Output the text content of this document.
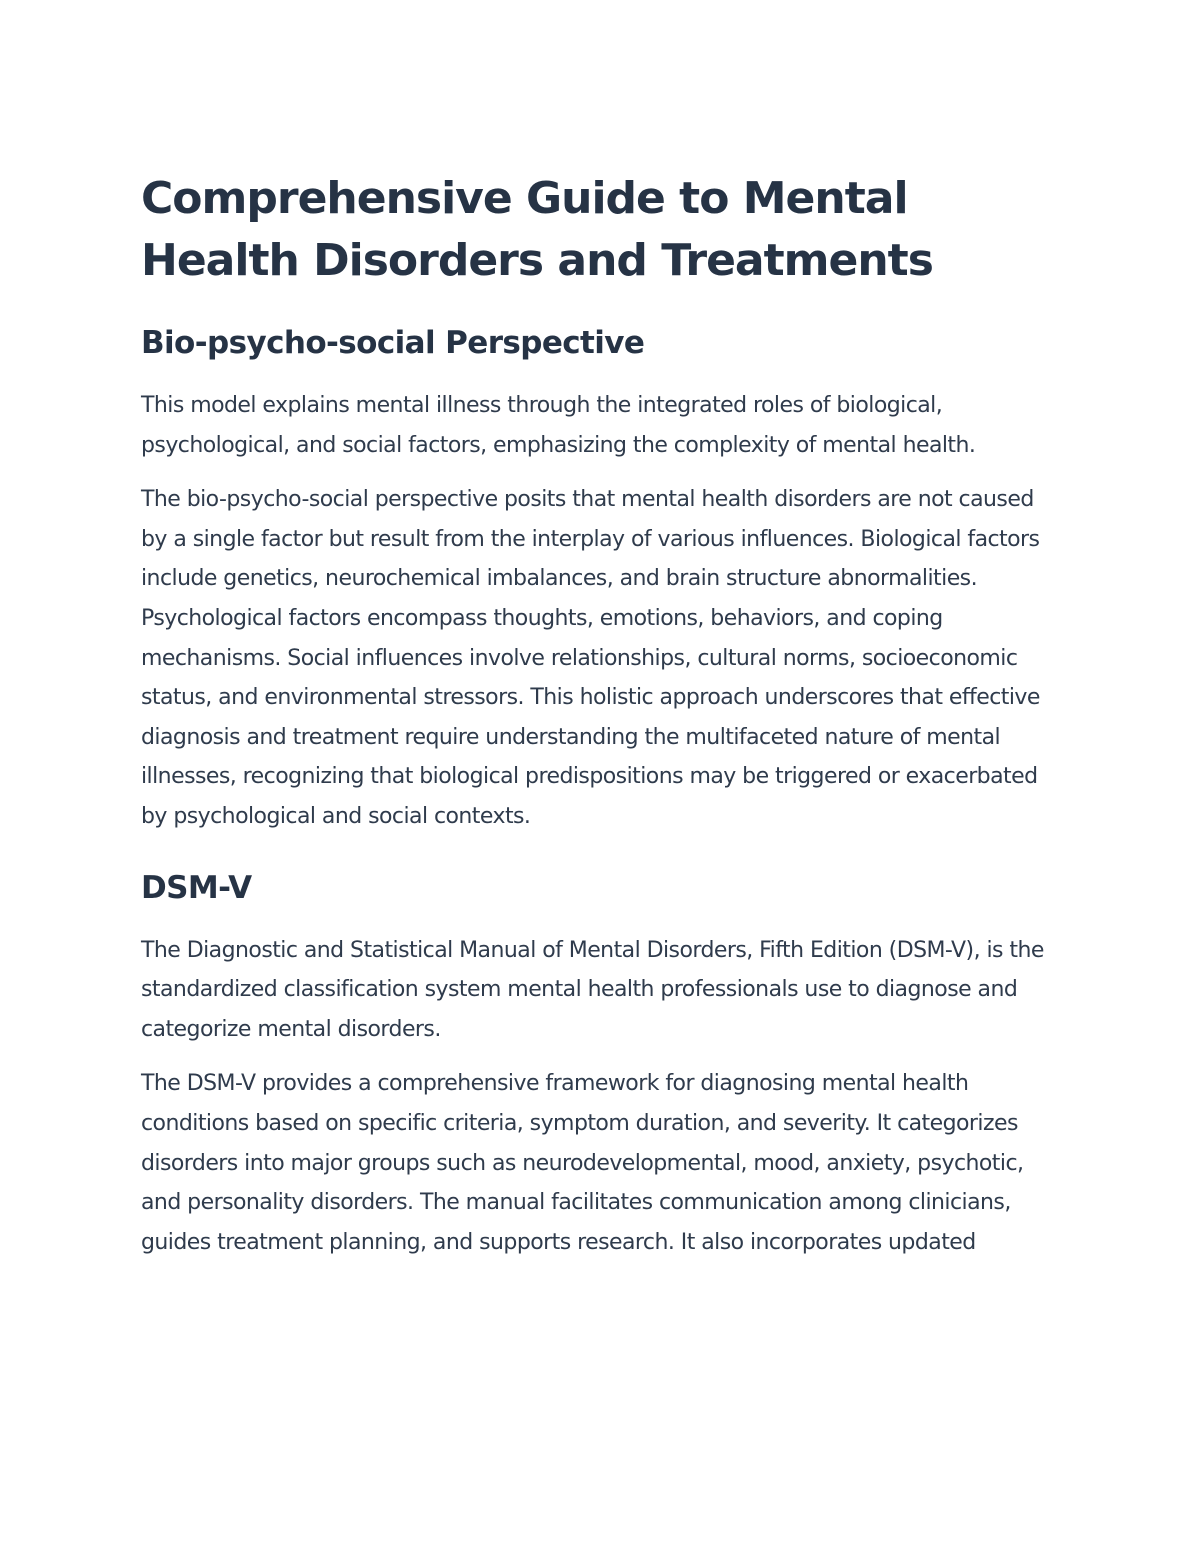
Comprehensive Guide to Mental Health Disorders and Treatments
Bio-psycho-social Perspective

This model explains mental illness through the integrated roles of biological, psychological, and social factors, emphasizing the complexity of mental health.

The bio-psycho-social perspective posits that mental health disorders are not caused by a single factor but result from the interplay of various influences. Biological factors include genetics, neurochemical imbalances, and brain structure abnormalities. Psychological factors encompass thoughts, emotions, behaviors, and coping mechanisms. Social influences involve relationships, cultural norms, socioeconomic status, and environmental stressors. This holistic approach underscores that effective diagnosis and treatment require understanding the multifaceted nature of mental illnesses, recognizing that biological predispositions may be triggered or exacerbated by psychological and social contexts.

DSM-V

The Diagnostic and Statistical Manual of Mental Disorders, Fifth Edition (DSM-V), is the standardized classification system mental health professionals use to diagnose and categorize mental disorders.

The DSM-V provides a comprehensive framework for diagnosing mental health conditions based on specific criteria, symptom duration, and severity. It categorizes disorders into major groups such as neurodevelopmental, mood, anxiety, psychotic, and personality disorders. The manual facilitates communication among clinicians, guides treatment planning, and supports research. It also incorporates updated
